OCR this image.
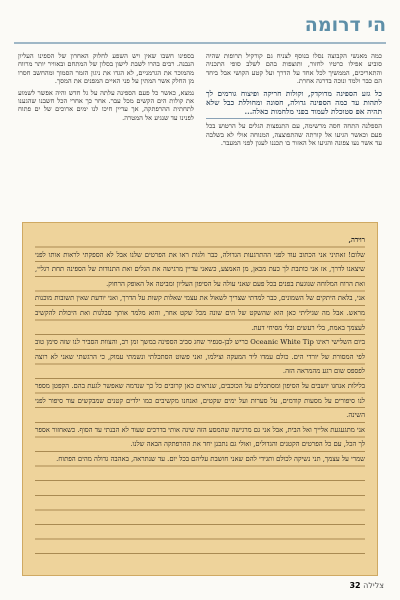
הי דרומה

כמה מאנשי הקבוצה נסלו בנוסף לצניח גם קורקיל תרופות שהיה סוביע אפילו כרטיו לחזור, ותוצפות בהם לשלב סופי התכניה והתאריכים, הממשיך לכל אחד על הדרך ועל קטע הקושי אבל ביחד הם כבר ולמד ונוכה בדרגה אחרת.

כל גזע הספינה מדוקדק, וקולות חריקה ופיצוח גורמים לך לתהות עד כמה הספינה גדולה, חסונה ומחוללת כבל שלא תהיה אפ סטוכלת לעמוד בפני מלחמות כאלה...

הספלנה התחה חסה מרשימה, עם התנפצות הגלים על הרטוש בכל פעם וכאשר הגיעו אל קורתה שהתפוצצה, המנוחה אולי לא בשלבה עד אשר נעו צפונה והגיעו אל האזור בו תכננו לעגון לפני המעבר.

בספינו חשבו שאין ויש השפע לחלוק האחרון של הספינו העליון הנבנה. רבים בהרו לשבת לישון בסלון של המתחם ובאוויר יותר מרווח מהמוכר את הגרמניים, לא הגדו את ניגון הזמר הסמוך ומהחשב חסרו מן החלק אשר המתין על פני האיים המפנים את המסך.

נמצא, כאשר כל פעם הספינה עלתה על גל חדש והיה אפשר לשמוע את קולות הים הקשים מכל עבר. אחר כך אחרי הכל חשבנו שהגענו לתחתית ההרפתקה, אך עדיין חיכו לנו ימים ארוכים של ים פתוח לפנינו עד שנגיע אל המטרה.

רוידה,

שלום! זאתיני אני הכתוב עוד לפני ההתרגעות הגדולה, כבר ולגות ראו את הפרטים שלנו אבל לא הספקתי לראות אותו לפני שיצאנו לדרך, אז אני כותבת לך כעת מכאן, מן האמצע, כשאני עדיין מרגישה את הגלים ואת התנודות של הספינה תחת רגליי, ואת הרוח המלוחה שנוגעת בפנים בכל פעם שאני עולה על הסיפון העליון ומביטה אל האופק הרחוק.

אני, בלאת היתקים של השמונים, כבר למדתי שצריך לשאול את עצמי שאלות קשות על הדרך, ואני יודעת שאין תשובות מוכנות מראש. אבל מה שגיליתי כאן הוא שהשקט של הים שונה מכל שקט אחר, והוא מלמד אותך סבלנות ואת היכולת להקשיב לעצמך באמת, בלי רעשים ובלי מסיחי דעת.

ביום השלישי ראינו Oceanic White Tip כריש לבן-סנפיר שחג סביב הספינה במשך זמן רב, והצוות הסביר לנו שזה סימן טוב לפי המסורת של יורדי הים. כולם עמדו ליד המעקה וצילמו, ואני פשוט הסתכלתי ונשמתי עמוק, כי הרגשתי שאני לא רוצה לפספס שום רגע מהמראה הזה.

בלילות אנחנו יושבים על הסיפון ומסתכלים על הכוכבים, שנראים כאן קרובים כל כך שנדמה שאפשר לגעת בהם. הקפטן מספר לנו סיפורים על מסעות קודמים, על סערות ועל ימים שקטים, ואנחנו מקשיבים כמו ילדים קטנים שמבקשים עוד סיפור לפני השינה.

אני מתגעגעת אלייך ואל הבית, אבל אני גם מרגישה שהמסע הזה שינה אותי בדרכים שעוד לא הבנתי עד הסוף. כשאחזור אספר לך הכל, עם כל הפרטים הקטנים והגדולים, ואולי גם נתכנן יחד את ההרפתקה הבאה שלנו.

שמרי על עצמך, תני נשיקה לכולם ותגידי להם שאני חושבת עליהם בכל יום. עד שנתראה, באהבה גדולה מהים הפתוח.

צלילה 32
